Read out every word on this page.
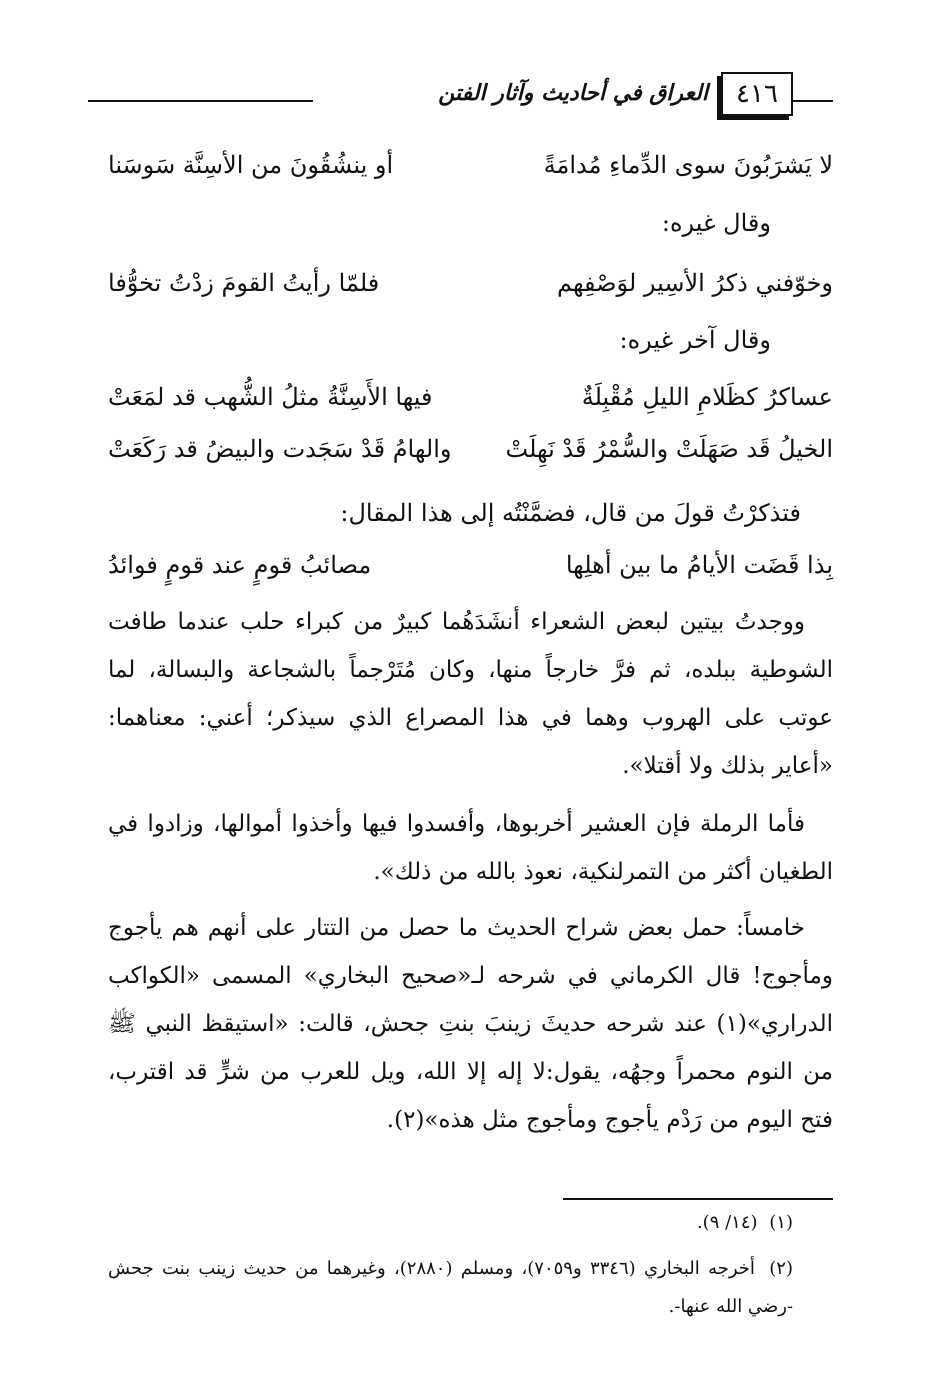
٤١٦
العراق في أحاديث وآثار الفتن
لا يَشرَبُونَ سوى الدِّماءِ مُدامَةً
أو ينشُقُونَ من الأسِنَّة سَوسَنا
وقال غيره:
وخوّفني ذكرُ الأسِير لوَصْفِهم
فلمّا رأيتُ القومَ زدْتُ تخوُّفا
وقال آخر غيره:
عساكرُ كظَلامِ الليلِ مُقْبِلَةٌ
فيها الأَسِنَّةُ مثلُ الشُّهب قد لمَعَتْ
الخيلُ قَد صَهَلَتْ والسُّمْرُ قَدْ نَهِلَتْ
والهامُ قَدْ سَجَدت والبيضُ قد رَكَعَتْ
فتذكرْتُ قولَ من قال، فضمَّنْتُه إلى هذا المقال:
بِذا قَضَت الأيامُ ما بين أهلِها
مصائبُ قومٍ عند قومٍ فوائدُ
ووجدتُ بيتين لبعض الشعراء أنشَدَهُما كبيرٌ من كبراء حلب عندما طافت الشوطية ببلده، ثم فرَّ خارجاً منها، وكان مُتَرْجماً بالشجاعة والبسالة، لما عوتب على الهروب وهما في هذا المصراع الذي سيذكر؛ أعني: معناهما: «أعاير بذلك ولا أقتلا».
فأما الرملة فإن العشير أخربوها، وأفسدوا فيها وأخذوا أموالها، وزادوا في الطغيان أكثر من التمرلنكية، نعوذ بالله من ذلك».
خامساً: حمل بعض شراح الحديث ما حصل من التتار على أنهم هم يأجوج ومأجوج! قال الكرماني في شرحه لـ«صحيح البخاري» المسمى «الكواكب الدراري»(١) عند شرحه حديثَ زينبَ بنتِ جحش، قالت: «استيقظ النبي ﷺ من النوم محمراً وجهُه، يقول:لا إله إلا الله، ويل للعرب من شرٍّ قد اقترب، فتح اليوم من رَدْم يأجوج ومأجوج مثل هذه»(٢).

(١) (١٤/ ٩).

(٢) أخرجه البخاري (٣٣٤٦ و٧٠٥٩)، ومسلم (٢٨٨٠)، وغيرهما من حديث زينب بنت جحش -رضي الله عنها-.
